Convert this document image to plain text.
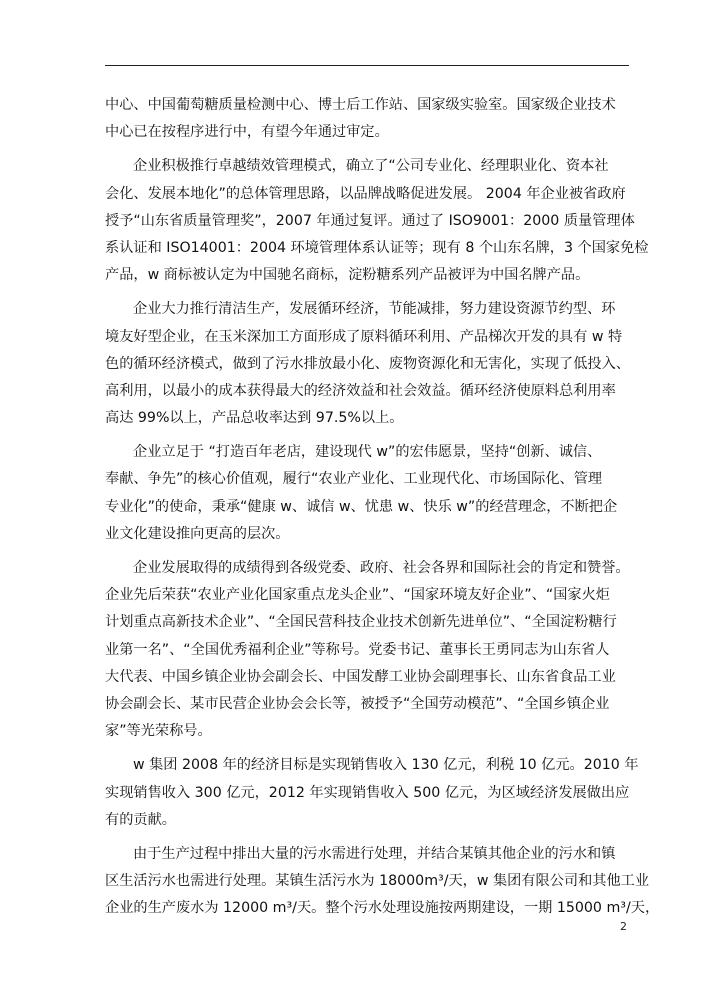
中心、中国葡萄糖质量检测中心、博士后工作站、国家级实验室。国家级企业技术
中心已在按程序进行中，有望今年通过审定。
企业积极推行卓越绩效管理模式，确立了“公司专业化、经理职业化、资本社
会化、发展本地化”的总体管理思路，以品牌战略促进发展。 2004 年企业被省政府
授予“山东省质量管理奖”，2007 年通过复评。通过了 ISO9001：2000 质量管理体
系认证和 ISO14001：2004 环境管理体系认证等；现有 8 个山东名牌，3 个国家免检
产品，w 商标被认定为中国驰名商标，淀粉糖系列产品被评为中国名牌产品。
企业大力推行清洁生产，发展循环经济，节能减排，努力建设资源节约型、环
境友好型企业，在玉米深加工方面形成了原料循环利用、产品梯次开发的具有 w 特
色的循环经济模式，做到了污水排放最小化、废物资源化和无害化，实现了低投入、
高利用，以最小的成本获得最大的经济效益和社会效益。循环经济使原料总利用率
高达 99%以上，产品总收率达到 97.5%以上。
企业立足于 “打造百年老店，建设现代 w”的宏伟愿景，坚持“创新、诚信、
奉献、争先”的核心价值观，履行“农业产业化、工业现代化、市场国际化、管理
专业化”的使命，秉承“健康 w、诚信 w、忧患 w、快乐 w”的经营理念，不断把企
业文化建设推向更高的层次。
企业发展取得的成绩得到各级党委、政府、社会各界和国际社会的肯定和赞誉。
企业先后荣获“农业产业化国家重点龙头企业”、“国家环境友好企业”、“国家火炬
计划重点高新技术企业”、“全国民营科技企业技术创新先进单位”、“全国淀粉糖行
业第一名”、“全国优秀福利企业”等称号。党委书记、董事长王勇同志为山东省人
大代表、中国乡镇企业协会副会长、中国发酵工业协会副理事长、山东省食品工业
协会副会长、某市民营企业协会会长等，被授予“全国劳动模范”、“全国乡镇企业
家”等光荣称号。
w 集团 2008 年的经济目标是实现销售收入 130 亿元，利税 10 亿元。2010 年
实现销售收入 300 亿元，2012 年实现销售收入 500 亿元，为区域经济发展做出应
有的贡献。
由于生产过程中排出大量的污水需进行处理，并结合某镇其他企业的污水和镇
区生活污水也需进行处理。某镇生活污水为 18000m³/天，w 集团有限公司和其他工业
企业的生产废水为 12000 m³/天。整个污水处理设施按两期建设，一期 15000 m³/天，
2
